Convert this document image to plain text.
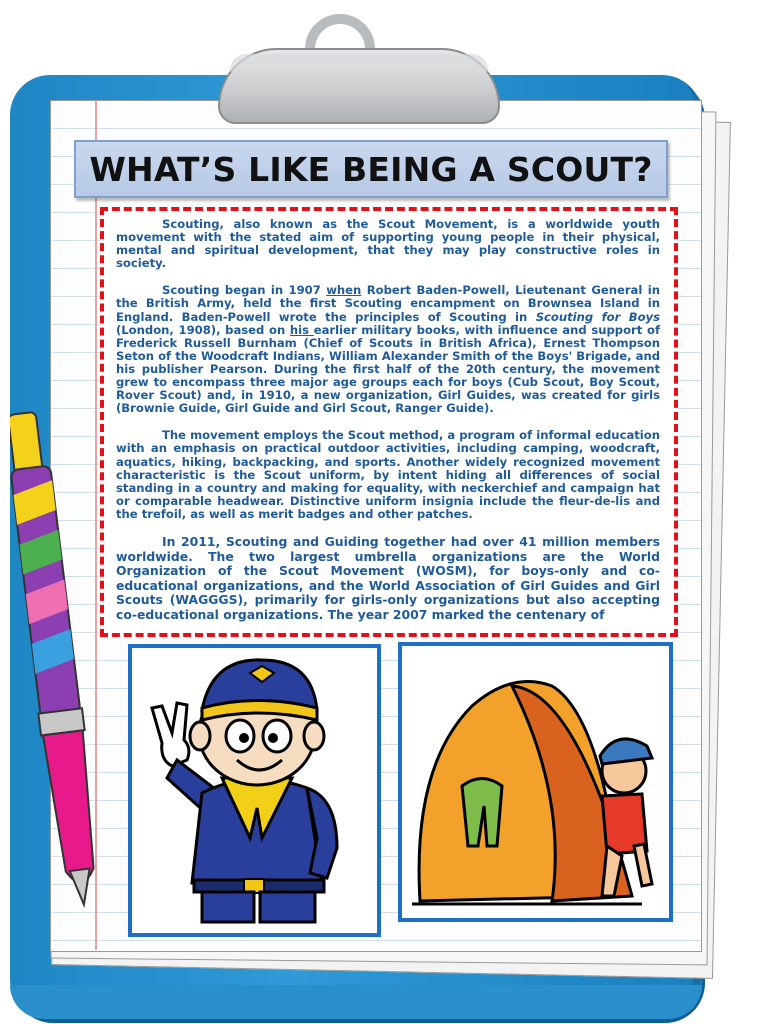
WHAT’S LIKE BEING A SCOUT?

Scouting, also known as the Scout Movement, is a worldwide youth movement with the stated aim of supporting young people in their physical, mental and spiritual development, that they may play constructive roles in society.

Scouting began in 1907 when Robert Baden-Powell, Lieutenant General in the British Army, held the first Scouting encampment on Brownsea Island in England. Baden-Powell wrote the principles of Scouting in Scouting for Boys (London, 1908), based on his earlier military books, with influence and support of Frederick Russell Burnham (Chief of Scouts in British Africa), Ernest Thompson Seton of the Woodcraft Indians, William Alexander Smith of the Boys' Brigade, and his publisher Pearson. During the first half of the 20th century, the movement grew to encompass three major age groups each for boys (Cub Scout, Boy Scout, Rover Scout) and, in 1910, a new organization, Girl Guides, was created for girls (Brownie Guide, Girl Guide and Girl Scout, Ranger Guide).

The movement employs the Scout method, a program of informal education with an emphasis on practical outdoor activities, including camping, woodcraft, aquatics, hiking, backpacking, and sports. Another widely recognized movement characteristic is the Scout uniform, by intent hiding all differences of social standing in a country and making for equality, with neckerchief and campaign hat or comparable headwear. Distinctive uniform insignia include the fleur-de-lis and the trefoil, as well as merit badges and other patches.

In 2011, Scouting and Guiding together had over 41 million members worldwide. The two largest umbrella organizations are the World Organization of the Scout Movement (WOSM), for boys-only and co-educational organizations, and the World Association of Girl Guides and Girl Scouts (WAGGGS), primarily for girls-only organizations but also accepting co-educational organizations. The year 2007 marked the centenary of
